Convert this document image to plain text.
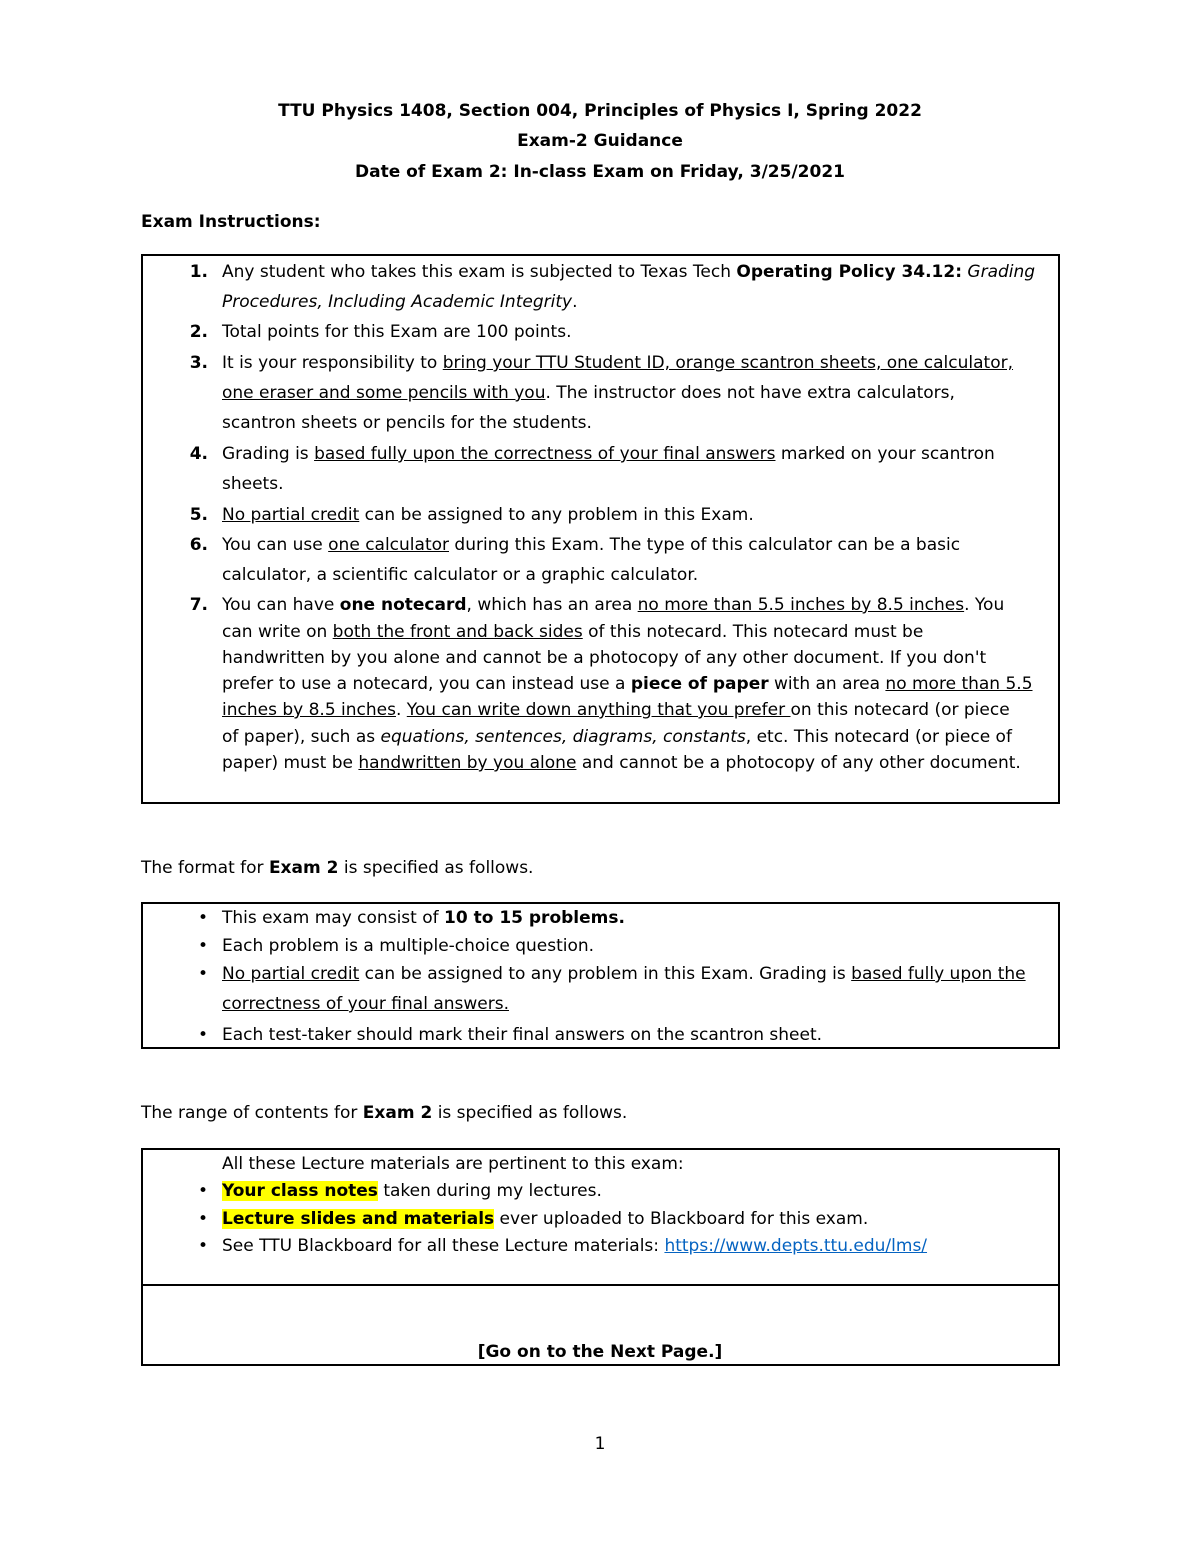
TTU Physics 1408, Section 004, Principles of Physics I, Spring 2022
Exam-2 Guidance
Date of Exam 2: In-class Exam on Friday, 3/25/2021
Exam Instructions:
1. Any student who takes this exam is subjected to Texas Tech Operating Policy 34.12: Grading
Procedures, Including Academic Integrity.
2. Total points for this Exam are 100 points.
3. It is your responsibility to bring your TTU Student ID, orange scantron sheets, one calculator,
one eraser and some pencils with you. The instructor does not have extra calculators,
scantron sheets or pencils for the students.
4. Grading is based fully upon the correctness of your final answers marked on your scantron
sheets.
5. No partial credit can be assigned to any problem in this Exam.
6. You can use one calculator during this Exam. The type of this calculator can be a basic
calculator, a scientific calculator or a graphic calculator.
7. You can have one notecard, which has an area no more than 5.5 inches by 8.5 inches. You
can write on both the front and back sides of this notecard. This notecard must be
handwritten by you alone and cannot be a photocopy of any other document. If you don't
prefer to use a notecard, you can instead use a piece of paper with an area no more than 5.5
inches by 8.5 inches. You can write down anything that you prefer on this notecard (or piece
of paper), such as equations, sentences, diagrams, constants, etc. This notecard (or piece of
paper) must be handwritten by you alone and cannot be a photocopy of any other document.
The format for Exam 2 is specified as follows.
• This exam may consist of 10 to 15 problems.
• Each problem is a multiple-choice question.
• No partial credit can be assigned to any problem in this Exam. Grading is based fully upon the
correctness of your final answers.
• Each test-taker should mark their final answers on the scantron sheet.
The range of contents for Exam 2 is specified as follows.
All these Lecture materials are pertinent to this exam:
• Your class notes taken during my lectures.
• Lecture slides and materials ever uploaded to Blackboard for this exam.
• See TTU Blackboard for all these Lecture materials: https://www.depts.ttu.edu/lms/
[Go on to the Next Page.]
1
